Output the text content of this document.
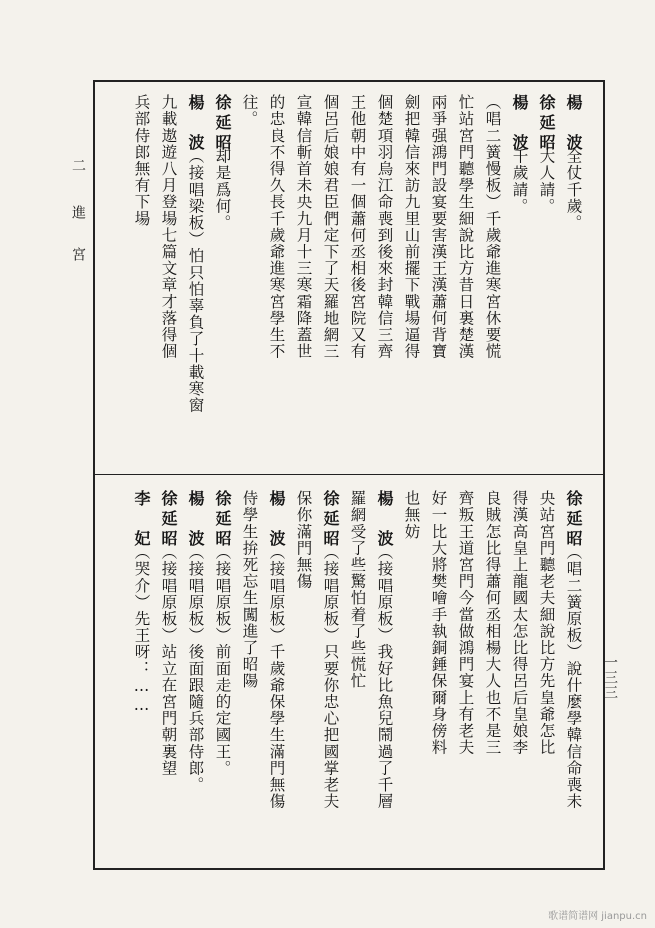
二
進宮
一三三
楊　波
全仗千歲。
徐延昭
大人請。
楊　波
千歲請。
（唱二簧慢板）千歲爺進寒宮休要慌
忙站宮門聽學生細說比方昔日裏楚漢
兩爭强鴻門設宴要害漢王漢蕭何背寶
劍把韓信來訪九里山前擺下戰場逼得
個楚項羽烏江命喪到後來封韓信三齊
王他朝中有一個蕭何丞相後宮院又有
個呂后娘娘君臣們定下了天羅地網三
宣韓信斬首未央九月十三寒霜降蓋世
的忠良不得久長千歲爺進寒宮學生不
往。
徐延昭
却是爲何。
楊　波
（接唱梁板）怕只怕辜負了十載寒窗
九載遨遊八月登場七篇文章才落得個
兵部侍郎無有下場
徐延昭
（唱二簧原板）說什麼學韓信命喪未
央站宮門聽老夫細說比方先皇爺怎比
得漢高皇上龍國太怎比得呂后皇娘李
良賊怎比得蕭何丞相楊大人也不是三
齊叛王道宮門今當做鴻門宴上有老夫
好一比大將樊噲手執銅錘保爾身傍料
也無妨
楊　波
（接唱原板）我好比魚兒鬧過了千層
羅網受了些驚怕着了些慌忙
徐延昭
（接唱原板）只要你忠心把國掌老夫
保你滿門無傷
楊　波
（接唱原板）千歲爺保學生滿門無傷
侍學生拚死忘生闖進了昭陽
徐延昭
（接唱原板）前面走的定國王。
楊　波
（接唱原板）後面跟隨兵部侍郎。
徐延昭
（接唱原板）站立在宮門朝裏望
李　妃
（哭介）先王呀：……
歌谱简谱网 jianpu.cn
